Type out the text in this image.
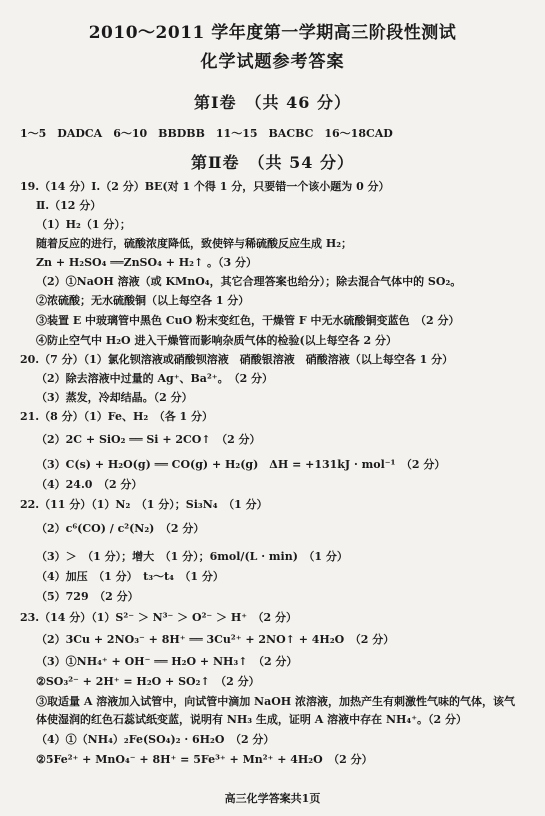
2010～2011 学年度第一学期高三阶段性测试
化学试题参考答案
第Ⅰ卷　（共 46 分）
1～5　DADCA　6～10　BBDBB　11～15　BACBC　16～18CAD
第Ⅱ卷　（共 54 分）
19.（14 分）Ⅰ.（2 分）BE(对 1 个得 1 分，只要错一个该小题为 0 分）
Ⅱ.（12 分）
（1）H₂（1 分）；
随着反应的进行，硫酸浓度降低，致使锌与稀硫酸反应生成 H₂；
Zn + H₂SO₄ ══ZnSO₄ + H₂↑ 。（3 分）
（2）①NaOH 溶液（或 KMnO₄，其它合理答案也给分）；除去混合气体中的 SO₂。
②浓硫酸；无水硫酸铜（以上每空各 1 分）
③装置 E 中玻璃管中黑色 CuO 粉末变红色，干燥管 F 中无水硫酸铜变蓝色　（2 分）
④防止空气中 H₂O 进入干燥管而影响杂质气体的检验(以上每空各 2 分）
20.（7 分）（1）氯化钡溶液或硝酸钡溶液　硝酸银溶液　硝酸溶液（以上每空各 1 分）
（2）除去溶液中过量的 Ag⁺、Ba²⁺。　（2 分）
（3）蒸发，冷却结晶。（2 分）
21.（8 分）（1）Fe、H₂　（各 1 分）
（2）2C + SiO₂ ══ Si + 2CO↑　（2 分）
（3）C(s) + H₂O(g) ══ CO(g) + H₂(g)　ΔH = +131kJ · mol⁻¹　（2 分）
（4）24.0　（2 分）
22.（11 分）（1）N₂　（1 分）；Si₃N₄　（1 分）
（2）c⁶(CO) / c²(N₂)　（2 分）
（3）＞　（1 分）；增大　（1 分）；6mol/(L · min)　（1 分）
（4）加压　（1 分）　t₃～t₄　（1 分）
（5）729　（2 分）
23.（14 分）（1）S²⁻ ＞ N³⁻ ＞ O²⁻ ＞ H⁺　（2 分）
（2）3Cu + 2NO₃⁻ + 8H⁺ ══ 3Cu²⁺ + 2NO↑ + 4H₂O　（2 分）
（3）①NH₄⁺ + OH⁻ ══ H₂O + NH₃↑　（2 分）
②SO₃²⁻ + 2H⁺ = H₂O + SO₂↑　（2 分）
③取适量 A 溶液加入试管中，向试管中滴加 NaOH 浓溶液，加热产生有刺激性气味的气体，该气
体使湿润的红色石蕊试纸变蓝，说明有 NH₃ 生成，证明 A 溶液中存在 NH₄⁺。（2 分）
（4）①（NH₄）₂Fe(SO₄)₂ · 6H₂O　（2 分）
②5Fe²⁺ + MnO₄⁻ + 8H⁺ = 5Fe³⁺ + Mn²⁺ + 4H₂O　（2 分）
高三化学答案共1页
